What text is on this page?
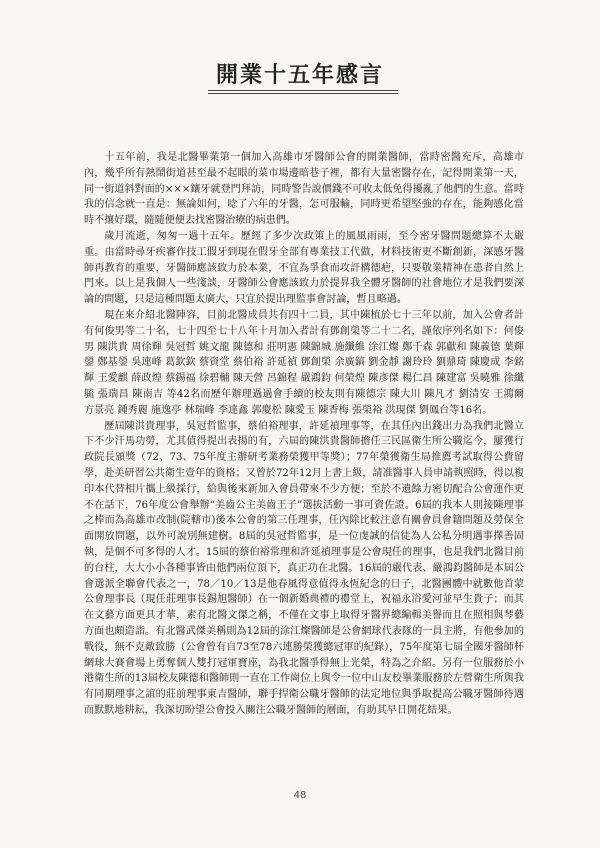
開業十五年感言

十五年前，我是北醫畢業第一個加入高雄市牙醫師公會的開業醫師，當時密醫充斥，高雄市內，幾乎所有熱鬧街道甚至最不起眼的菜市場邊暗巷子裡，都有大量密醫存在，記得開業第一天，同一街道斜對面的×××鑲牙就登門拜訪，同時警告說價錢不可收太低免得擾亂了他們的生意。當時我的信念就一直是：無論如何，唸了六年的牙醫，怎可服輸，同時更希望堅強的存在，能夠感化當時不攘好環，隨隨便便去找密醫治療的病患們。

歲月流逝，匆匆一過十五年。歷經了多少次政策上的風風雨雨，至今密牙醫問題總算不太嚴重。由當時尋牙疾審作技工假牙到現在假牙全部有專業技工代做，材料技術更不斷創新，深感牙醫師再教育的重要，牙醫師應該致力於本業，不宜為爭食而攻訐構德疤，只要敬業精神在患者自然上門來。以上是我個人一些淺談，牙醫師公會應該致力於提昇我全體牙醫師的社會地位才是我們要深論的問題，只是這種問題太廣大，只宜於提出理監事會討論，暫且略過。

現在來介紹北醫陣容，目前北醫成員共有四十二員，其中陳植於七十三年以前，加入公會者計有何俊男等二十名，七十四至七十八年十月加入者計有鄧創榮等二十二名，謹依序列名如下：何俊男 陳洪貴 周徐輝 吳冠哲 姚文龍 陳德和 莊明憲 陳錦城 施纖維 涂江燦 鄭千森 郭獻和 陳義德 葉輝鎣 鄭基鎣 吳連峰 葛欽欽 蔡資堂 蔡伯裕 許延禎 鄧創榮 余廣鎬 劉金靜 謝玲玲 劉鼎琦 陳慶成 李銘輝 王愛麒 薛政煌 蔡錫福 徐碧輔 陳天營 呂錦程 嚴鴻鈞 何榮煌 陳彥傑 楊仁昌 陳建富 吳曉雅 徐纖毓 張瑞昌 陳南吉 等42名而歷年辦理過過會手續的校友則有陳德宗 陳大川 陳凡才 劉清安 王鴻爾 方景亮 鍾秀麗 施逸亭 林瑞峰 李達鑫 郭慶松 陳愛玉 陳香梅 張榮裕 洪現傑 劉鳳台等16名。

歷屆陳洪貴理事，吳冠哲監事，蔡伯裕理事，許延禎理事等，在其任內出錢出力為我們北醫立下不少汗馬功勞，尤其值得提出表揚的有，六屆的陳洪貴醫師擔任三民區衛生所公職迄今，屢獲行政院長頒獎（72、73、75年度主辦研考業務榮獲甲等獎）；77年榮獲衛生局推薦考試取得公費留學，赴美研習公共衛生壹年的資格；又曾於72年12月上書上級，請准醫事人員申請執照時，得以複印本代替相片攜上級採行，給與後來新加入會員帶來不少方便；至於不遺餘力密切配合公會運作更不在話下，76年度公會舉辦“美齒公主美齒王子”選拔活動一事可資佐證。6屆的我本人則接陳理事之棒而為高雄市改制(院轄市)後本公會的第三任理事，任內除比較注意有關會員會籍問題及勞保全面開放問題，以外可說別無建樹。8屆的吳冠哲監事，是一位虔誠的信徒為人公私分明遇事擇善固執，是個不可多得的人才。15屆的蔡伯裕常理和許延禎理事是公會現任的理事，也是我們北醫目前的台柱，大大小小各種事皆由他們兩位頂下，真正功在北醫。16屆的嚴代表、嚴鴻鈞醫師是本屆公會選派全聯會代表之一，78／10／13是他春風得意值得永恆紀念的日子，北醫團體中就數他首蒙公會理事長（現任莊理事長錫旭醫師）在一個新婚典禮的禮堂上，祝福永浴愛河並早生貴子；而其在文藝方面更具才華，素有北醫文傑之稱，不僅在文事上取得牙醫界總編輯美譽而且在照相與琴藝方面也頗造詣。有北醫武傑美稱則為12屆的涂江燦醫師是公會網球代表隊的一員主將，有他參加的戰役，無不克敵致勝（公會曾有自73至78六連勝榮獲總冠軍的紀錄），75年度第七屆全國牙醫師杯網球大賽會場上勇奪個人雙打冠軍寶座，為我北醫爭得無上光榮，特為之介紹。另有一位服務於小港衛生所的13屆校友陳德和醫師則一直在工作崗位上與令一位中山友校畢業服務於左營衛生所與我有同期理事之誼的莊前理事東吉醫師，聯手捍衛公職牙醫師的法定地位與爭取提高公職牙醫師待遇而默默地耕耘，我深切盼望公會投入關注公職牙醫師的層面，有助其早日開花結果。

48
